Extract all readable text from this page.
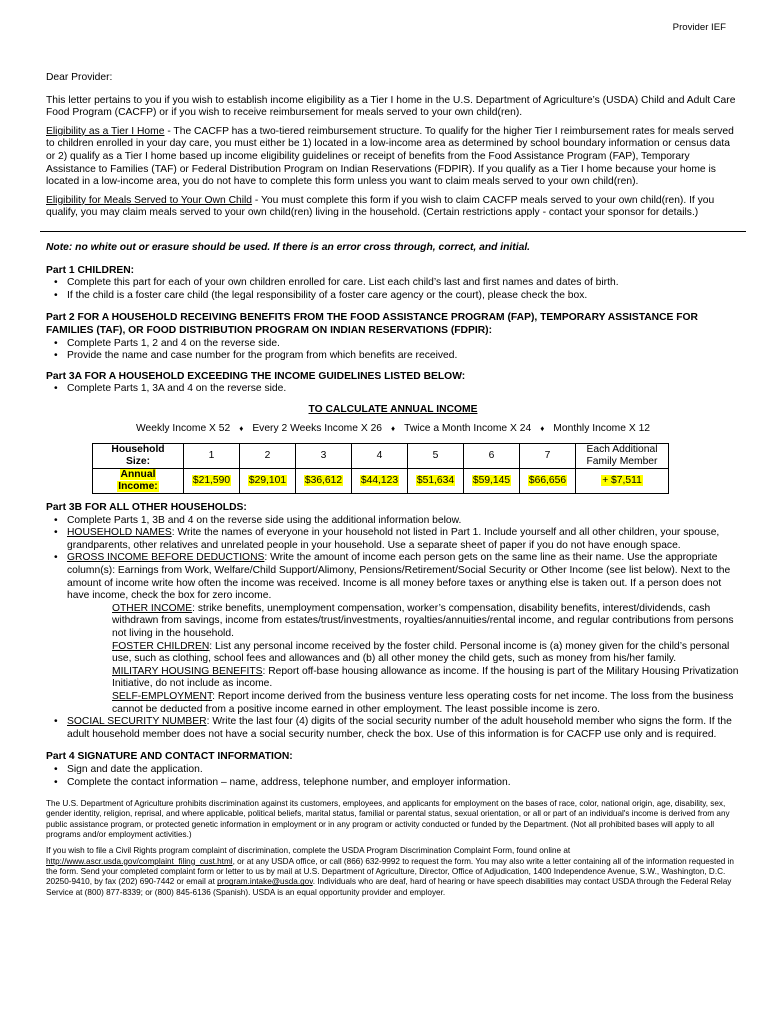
Provider IEF

Dear Provider:

This letter pertains to you if you wish to establish income eligibility as a Tier I home in the U.S. Department of Agriculture’s (USDA) Child and Adult Care Food Program (CACFP) or if you wish to receive reimbursement for meals served to your own child(ren).

Eligibility as a Tier I Home - The CACFP has a two-tiered reimbursement structure. To qualify for the higher Tier I reimbursement rates for meals served to children enrolled in your day care, you must either be 1) located in a low-income area as determined by school boundary information or census data or 2) qualify as a Tier I home based up income eligibility guidelines or receipt of benefits from the Food Assistance Program (FAP), Temporary Assistance to Families (TAF) or Federal Distribution Program on Indian Reservations (FDPIR). If you qualify as a Tier I home because your home is located in a low-income area, you do not have to complete this form unless you want to claim meals served to your own child(ren).

Eligibility for Meals Served to Your Own Child - You must complete this form if you wish to claim CACFP meals served to your own child(ren). If you qualify, you may claim meals served to your own child(ren) living in the household. (Certain restrictions apply - contact your sponsor for details.)

Note: no white out or erasure should be used. If there is an error cross through, correct, and initial.

Part 1 CHILDREN:

• Complete this part for each of your own children enrolled for care. List each child’s last and first names and dates of birth.
• If the child is a foster care child (the legal responsibility of a foster care agency or the court), please check the box.

Part 2 FOR A HOUSEHOLD RECEIVING BENEFITS FROM THE FOOD ASSISTANCE PROGRAM (FAP), TEMPORARY ASSISTANCE FOR FAMILIES (TAF), OR FOOD DISTRIBUTION PROGRAM ON INDIAN RESERVATIONS (FDPIR):

• Complete Parts 1, 2 and 4 on the reverse side.
• Provide the name and case number for the program from which benefits are received.

Part 3A FOR A HOUSEHOLD EXCEEDING THE INCOME GUIDELINES LISTED BELOW:

• Complete Parts 1, 3A and 4 on the reverse side.

TO CALCULATE ANNUAL INCOME

Weekly Income X 52 ♦ Every 2 Weeks Income X 26 ♦ Twice a Month Income X 24 ♦ Monthly Income X 12
Household
Size:	1	2	3	4	5	6	7	Each Additional
Family Member
Annual
Income:	$21,590	$29,101	$36,612	$44,123	$51,634	$59,145	$66,656	+ $7,511

Part 3B FOR ALL OTHER HOUSEHOLDS:

• Complete Parts 1, 3B and 4 on the reverse side using the additional information below.
• HOUSEHOLD NAMES: Write the names of everyone in your household not listed in Part 1. Include yourself and all other children, your spouse, grandparents, other relatives and unrelated people in your household. Use a separate sheet of paper if you do not have enough space.
• GROSS INCOME BEFORE DEDUCTIONS: Write the amount of income each person gets on the same line as their name. Use the appropriate column(s): Earnings from Work, Welfare/Child Support/Alimony, Pensions/Retirement/Social Security or Other Income (see list below). Next to the amount of income write how often the income was received. Income is all money before taxes or anything else is taken out. If a person does not have income, check the box for zero income.
OTHER INCOME: strike benefits, unemployment compensation, worker’s compensation, disability benefits, interest/dividends, cash withdrawn from savings, income from estates/trust/investments, royalties/annuities/rental income, and regular contributions from persons not living in the household.
FOSTER CHILDREN: List any personal income received by the foster child. Personal income is (a) money given for the child’s personal use, such as clothing, school fees and allowances and (b) all other money the child gets, such as money from his/her family.
MILITARY HOUSING BENEFITS: Report off-base housing allowance as income. If the housing is part of the Military Housing Privatization Initiative, do not include as income.
SELF-EMPLOYMENT: Report income derived from the business venture less operating costs for net income. The loss from the business cannot be deducted from a positive income earned in other employment. The least possible income is zero.
• SOCIAL SECURITY NUMBER: Write the last four (4) digits of the social security number of the adult household member who signs the form. If the adult household member does not have a social security number, check the box. Use of this information is for CACFP use only and is required.

Part 4 SIGNATURE AND CONTACT INFORMATION:

• Sign and date the application.
• Complete the contact information – name, address, telephone number, and employer information.

The U.S. Department of Agriculture prohibits discrimination against its customers, employees, and applicants for employment on the bases of race, color, national origin, age, disability, sex, gender identity, religion, reprisal, and where applicable, political beliefs, marital status, familial or parental status, sexual orientation, or all or part of an individual's income is derived from any public assistance program, or protected genetic information in employment or in any program or activity conducted or funded by the Department. (Not all prohibited bases will apply to all programs and/or employment activities.)

If you wish to file a Civil Rights program complaint of discrimination, complete the USDA Program Discrimination Complaint Form, found online at
http://www.ascr.usda.gov/complaint_filing_cust.html, or at any USDA office, or call (866) 632-9992 to request the form. You may also write a letter containing all of the information requested in the form. Send your completed complaint form or letter to us by mail at U.S. Department of Agriculture, Director, Office of Adjudication, 1400 Independence Avenue, S.W., Washington, D.C. 20250-9410, by fax (202) 690-7442 or email at program.intake@usda.gov. Individuals who are deaf, hard of hearing or have speech disabilities may contact USDA through the Federal Relay Service at (800) 877-8339; or (800) 845-6136 (Spanish). USDA is an equal opportunity provider and employer.
